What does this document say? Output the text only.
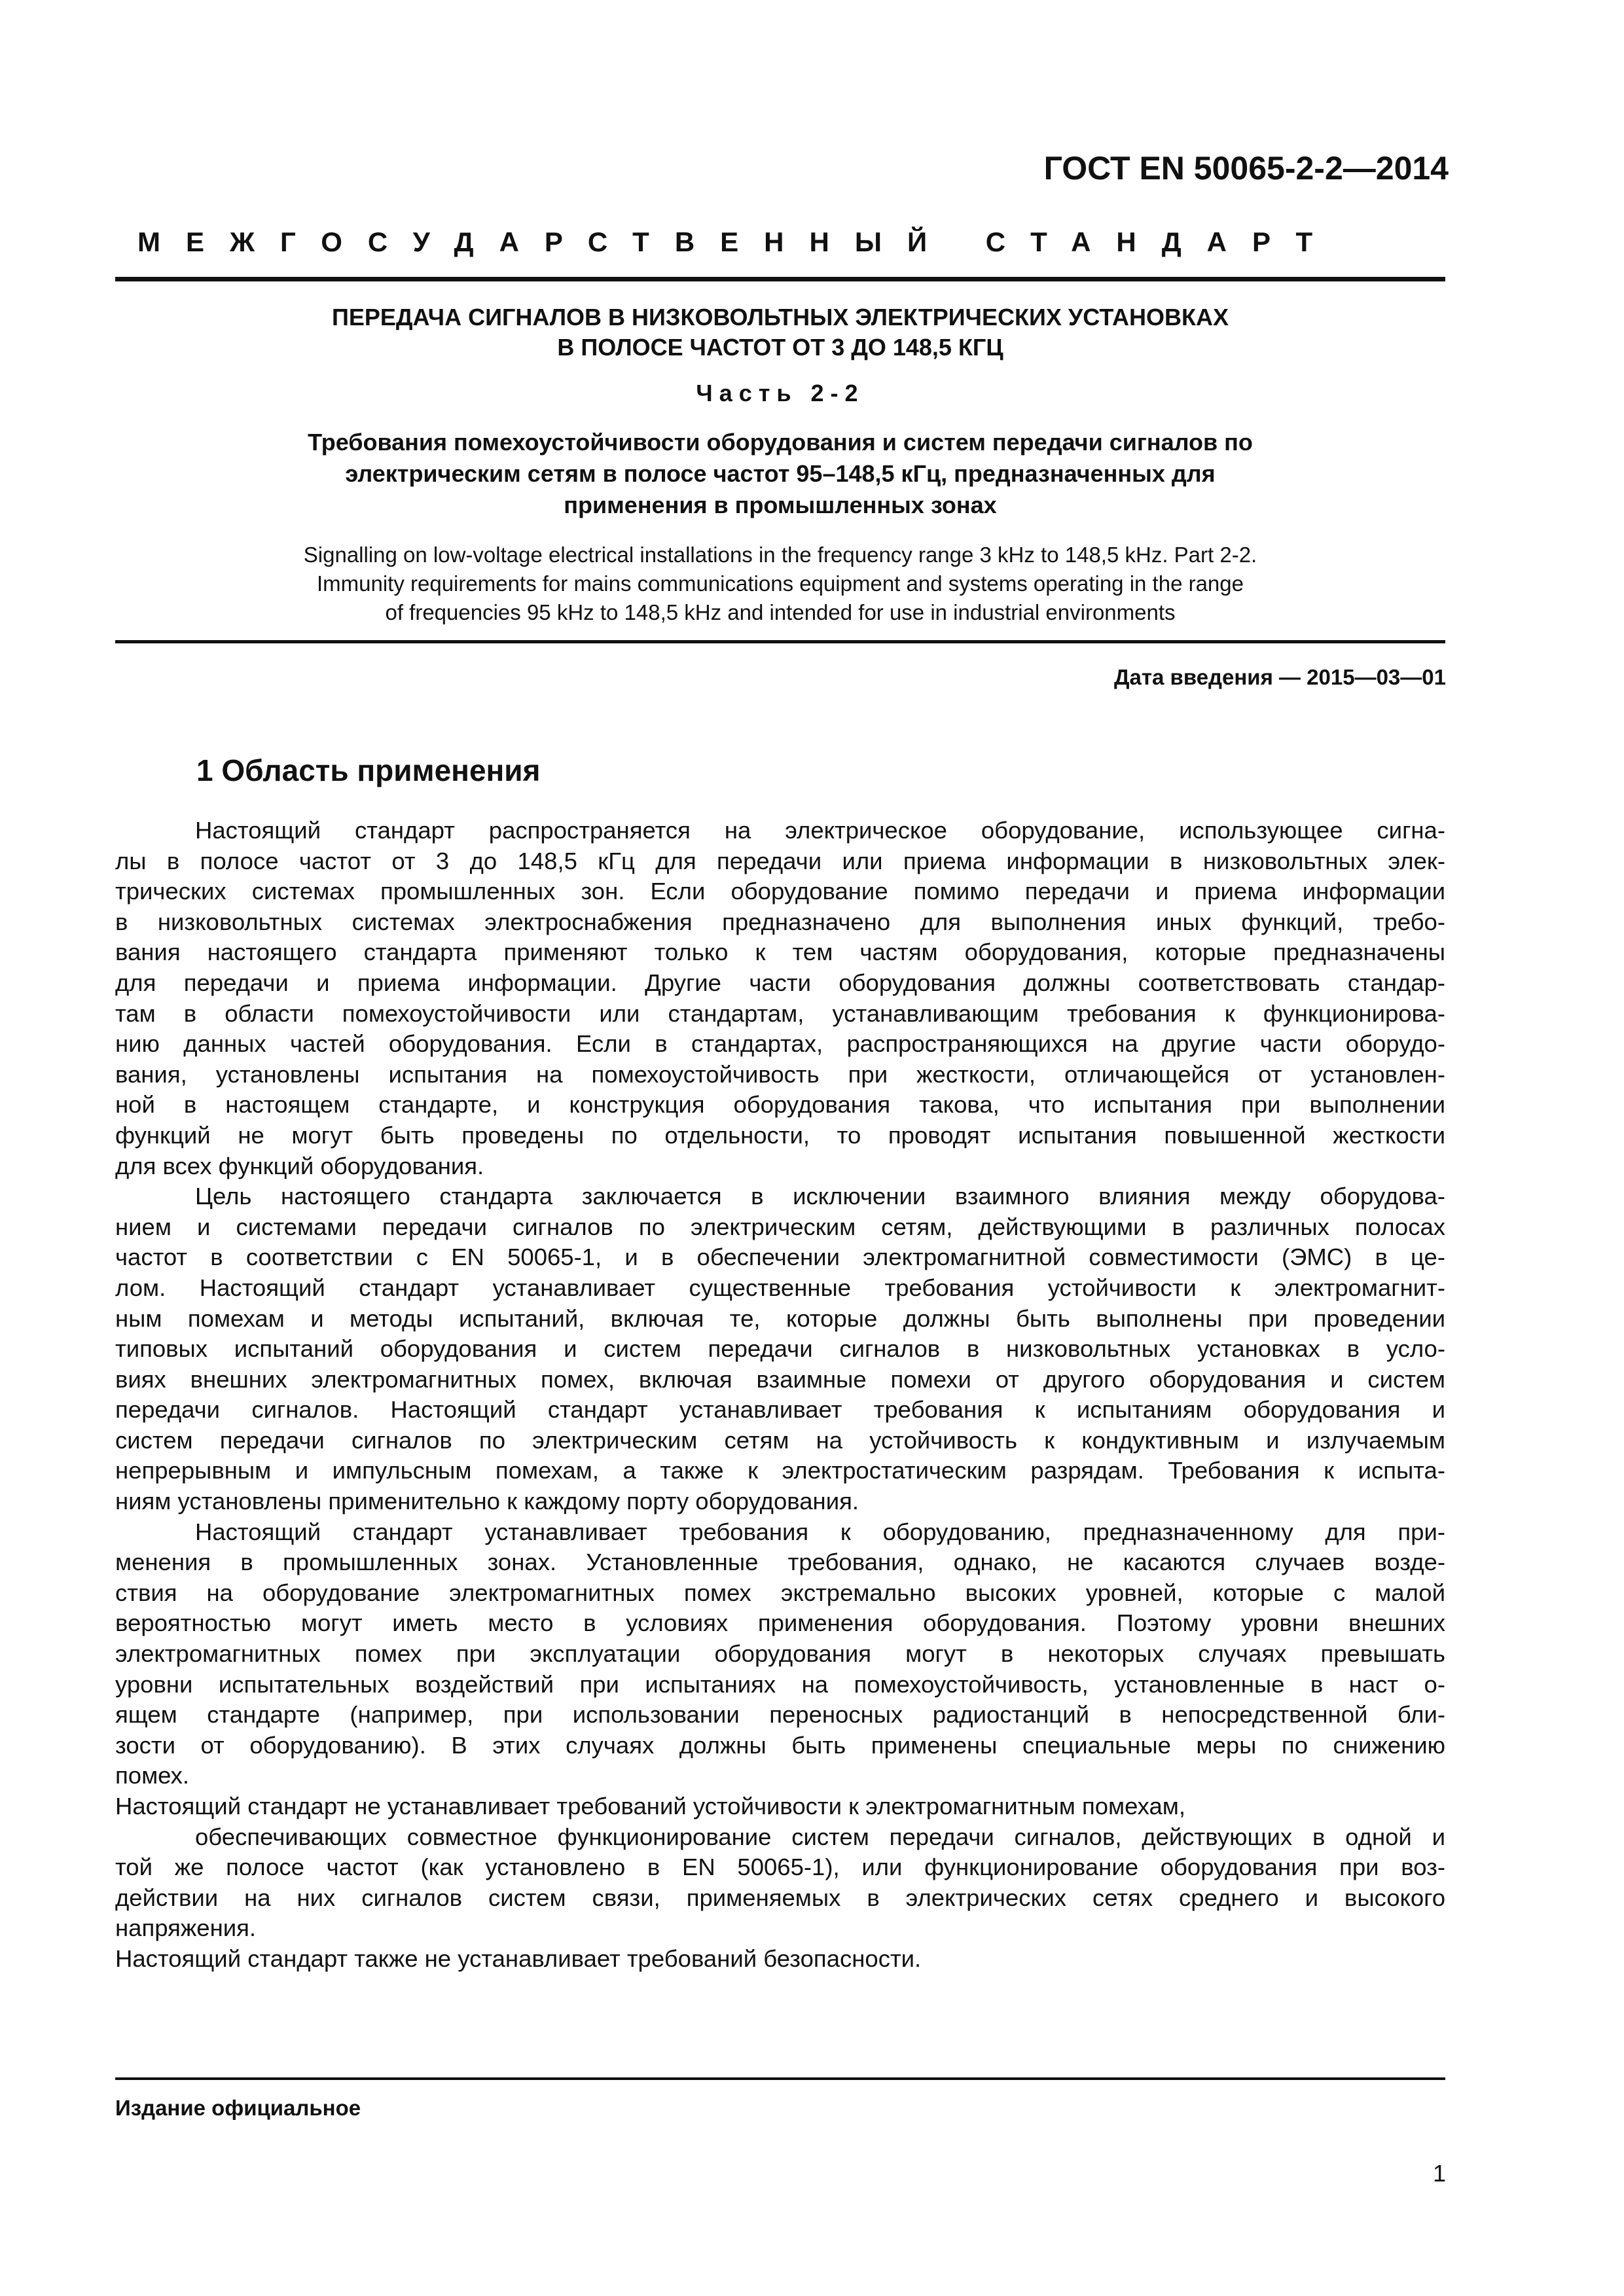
ГОСТ EN 50065-2-2—2014
МЕЖГОСУДАРСТВЕННЫЙ СТАНДАРТ
ПЕРЕДАЧА СИГНАЛОВ В НИЗКОВОЛЬТНЫХ ЭЛЕКТРИЧЕСКИХ УСТАНОВКАХ
В ПОЛОСЕ ЧАСТОТ ОТ 3 ДО 148,5 КГЦ
Часть 2-2
Требования помехоустойчивости оборудования и систем передачи сигналов по
электрическим сетям в полосе частот 95–148,5 кГц, предназначенных для
применения в промышленных зонах
Signalling on low-voltage electrical installations in the frequency range 3 kHz to 148,5 kHz. Part 2-2.
Immunity requirements for mains communications equipment and systems operating in the range
of frequencies 95 kHz to 148,5 kHz and intended for use in industrial environments
Дата введения — 2015—03—01
1 Область применения
Настоящий стандарт распространяется на электрическое оборудование, использующее сигна-
лы в полосе частот от 3 до 148,5 кГц для передачи или приема информации в низковольтных элек-
трических системах промышленных зон. Если оборудование помимо передачи и приема информации
в низковольтных системах электроснабжения предназначено для выполнения иных функций, требо-
вания настоящего стандарта применяют только к тем частям оборудования, которые предназначены
для передачи и приема информации. Другие части оборудования должны соответствовать стандар-
там в области помехоустойчивости или стандартам, устанавливающим требования к функционирова-
нию данных частей оборудования. Если в стандартах, распространяющихся на другие части оборудо-
вания, установлены испытания на помехоустойчивость при жесткости, отличающейся от установлен-
ной в настоящем стандарте, и конструкция оборудования такова, что испытания при выполнении
функций не могут быть проведены по отдельности, то проводят испытания повышенной жесткости
для всех функций оборудования.
Цель настоящего стандарта заключается в исключении взаимного влияния между оборудова-
нием и системами передачи сигналов по электрическим сетям, действующими в различных полосах
частот в соответствии с EN 50065-1, и в обеспечении электромагнитной совместимости (ЭМС) в це-
лом. Настоящий стандарт устанавливает существенные требования устойчивости к электромагнит-
ным помехам и методы испытаний, включая те, которые должны быть выполнены при проведении
типовых испытаний оборудования и систем передачи сигналов в низковольтных установках в усло-
виях внешних электромагнитных помех, включая взаимные помехи от другого оборудования и систем
передачи сигналов. Настоящий стандарт устанавливает требования к испытаниям оборудования и
систем передачи сигналов по электрическим сетям на устойчивость к кондуктивным и излучаемым
непрерывным и импульсным помехам, а также к электростатическим разрядам. Требования к испыта-
ниям установлены применительно к каждому порту оборудования.
Настоящий стандарт устанавливает требования к оборудованию, предназначенному для при-
менения в промышленных зонах. Установленные требования, однако, не касаются случаев возде-
ствия на оборудование электромагнитных помех экстремально высоких уровней, которые с малой
вероятностью могут иметь место в условиях применения оборудования. Поэтому уровни внешних
электромагнитных помех при эксплуатации оборудования могут в некоторых случаях превышать
уровни испытательных воздействий при испытаниях на помехоустойчивость, установленные в наст о-
ящем стандарте (например, при использовании переносных радиостанций в непосредственной бли-
зости от оборудованию). В этих случаях должны быть применены специальные меры по снижению
помех.
Настоящий стандарт не устанавливает требований устойчивости к электромагнитным помехам,
обеспечивающих совместное функционирование систем передачи сигналов, действующих в одной и
той же полосе частот (как установлено в EN 50065-1), или функционирование оборудования при воз-
действии на них сигналов систем связи, применяемых в электрических сетях среднего и высокого
напряжения.
Настоящий стандарт также не устанавливает требований безопасности.
Издание официальное
1
